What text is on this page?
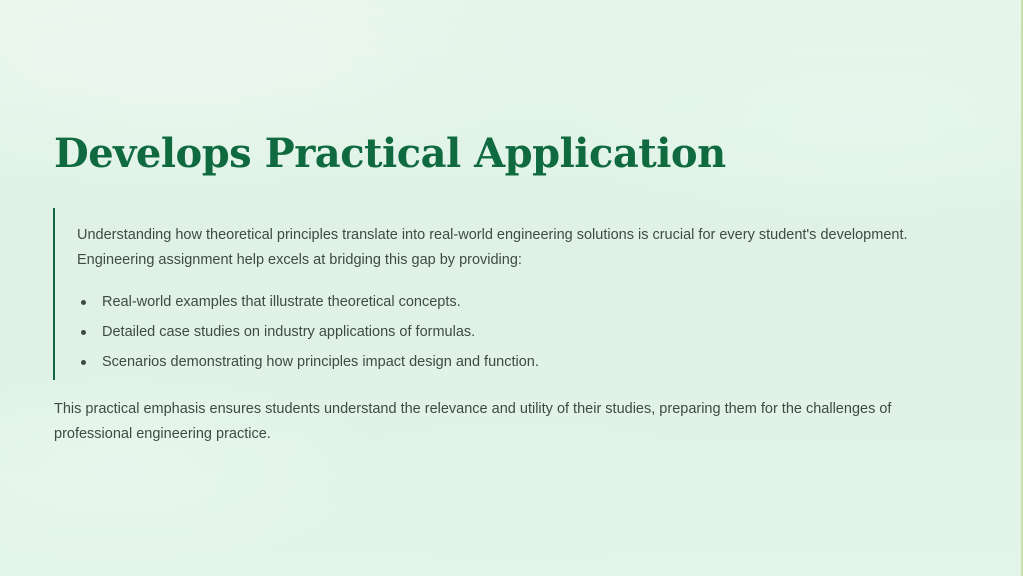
Develops Practical Application

Understanding how theoretical principles translate into real-world engineering solutions is crucial for every student's development. Engineering assignment help excels at bridging this gap by providing:

Real-world examples that illustrate theoretical concepts.
Detailed case studies on industry applications of formulas.
Scenarios demonstrating how principles impact design and function.

This practical emphasis ensures students understand the relevance and utility of their studies, preparing them for the challenges of professional engineering practice.
